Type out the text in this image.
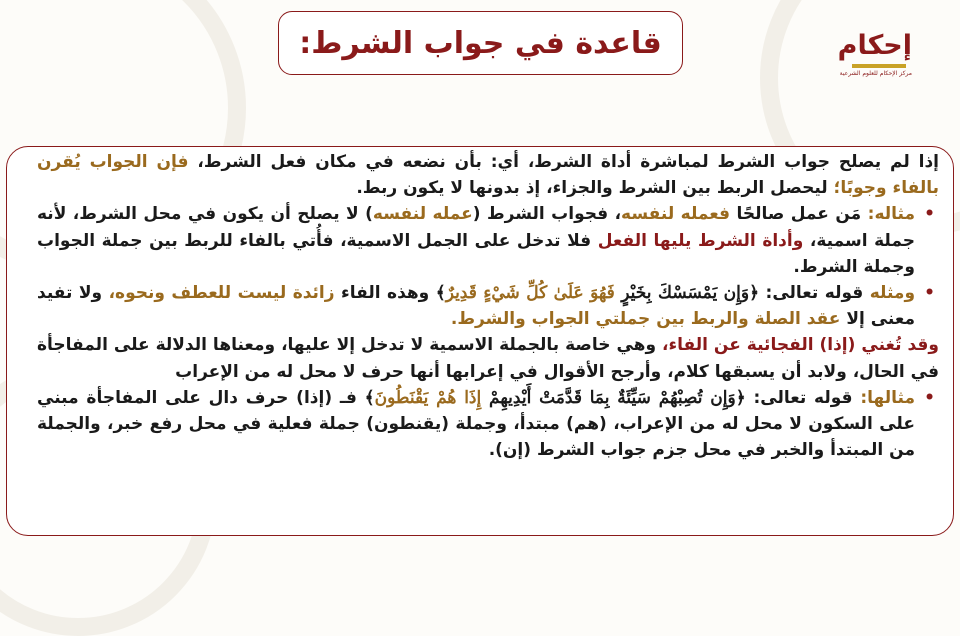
قاعدة في جواب الشرط:	إحكام
مركز الإحكام للعلوم الشرعية

إذا لم يصلح جواب الشرط لمباشرة أداة الشرط، أي: بأن نضعه في مكان فعل الشرط، فإن الجواب يُقرن بالفاء وجوبًا؛ ليحصل الربط بين الشرط والجزاء، إذ بدونها لا يكون ربط.

• مثاله: مَن عمل صالحًا فعمله لنفسه، فجواب الشرط (عمله لنفسه) لا يصلح أن يكون في محل الشرط، لأنه جملة اسمية، وأداة الشرط يليها الفعل فلا تدخل على الجمل الاسمية، فأُتي بالفاء للربط بين جملة الجواب وجملة الشرط.

• ومثله قوله تعالى: ﴿وَإِن يَمْسَسْكَ بِخَيْرٍ فَهُوَ عَلَىٰ كُلِّ شَيْءٍ قَدِيرٌ﴾ وهذه الفاء زائدة ليست للعطف ونحوه، ولا تفيد معنى إلا عقد الصلة والربط بين جملتي الجواب والشرط.

وقد تُغني (إذا) الفجائية عن الفاء، وهي خاصة بالجملة الاسمية لا تدخل إلا عليها، ومعناها الدلالة على المفاجأة في الحال، ولابد أن يسبقها كلام، وأرجح الأقوال في إعرابها أنها حرف لا محل له من الإعراب

• مثالها: قوله تعالى: ﴿وَإِن تُصِبْهُمْ سَيِّئَةٌ بِمَا قَدَّمَتْ أَيْدِيهِمْ إِذَا هُمْ يَقْنَطُونَ﴾ فـ (إذا) حرف دال على المفاجأة مبني على السكون لا محل له من الإعراب، (هم) مبتدأ، وجملة (يقنطون) جملة فعلية في محل رفع خبر، والجملة من المبتدأ والخبر في محل جزم جواب الشرط (إن).
